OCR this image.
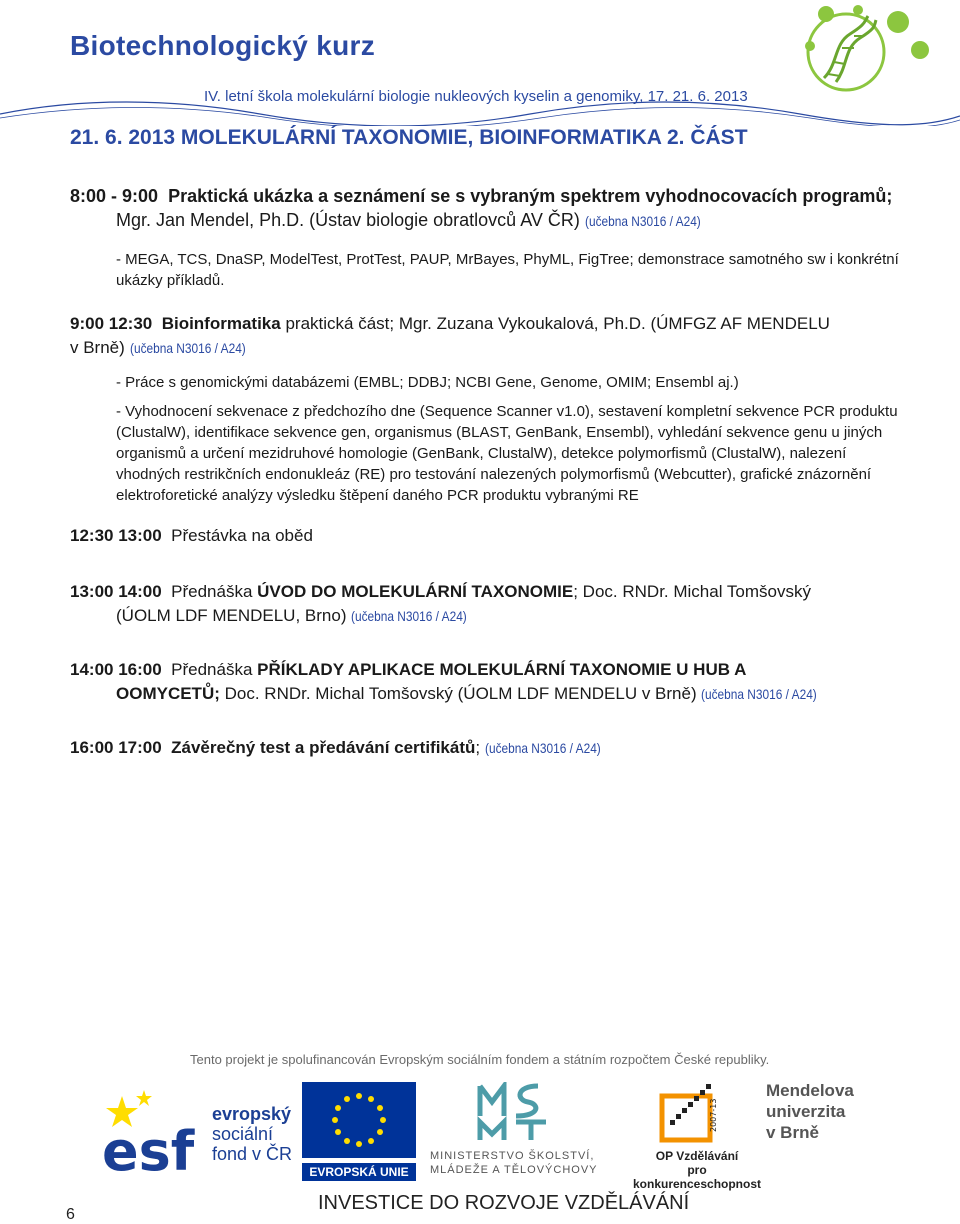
Biotechnologický kurz
IV. letní škola molekulární biologie nukleových kyselin a genomiky, 17. 21. 6. 2013
21. 6. 2013 MOLEKULÁRNÍ TAXONOMIE, BIOINFORMATIKA 2. ČÁST
8:00 - 9:00 Praktická ukázka a seznámení se s vybraným spektrem vyhodnocovacích programů;
Mgr. Jan Mendel, Ph.D. (Ústav biologie obratlovců AV ČR) (učebna N3016 / A24)
- MEGA, TCS, DnaSP, ModelTest, ProtTest, PAUP, MrBayes, PhyML, FigTree; demonstrace samotného sw i konkrétní
ukázky příkladů.
9:00 12:30 Bioinformatika praktická část; Mgr. Zuzana Vykoukalová, Ph.D. (ÚMFGZ AF MENDELU
v Brně) (učebna N3016 / A24)
- Práce s genomickými databázemi (EMBL; DDBJ; NCBI Gene, Genome, OMIM; Ensembl aj.)
- Vyhodnocení sekvenace z předchozího dne (Sequence Scanner v1.0), sestavení kompletní sekvence PCR produktu
(ClustalW), identifikace sekvence gen, organismus (BLAST, GenBank, Ensembl), vyhledání sekvence genu u jiných
organismů a určení mezidruhové homologie (GenBank, ClustalW), detekce polymorfismů (ClustalW), nalezení
vhodných restrikčních endonukleáz (RE) pro testování nalezených polymorfismů (Webcutter), grafické znázornění
elektroforetické analýzy výsledku štěpení daného PCR produktu vybranými RE
12:30 13:00 Přestávka na oběd
13:00 14:00 Přednáška ÚVOD DO MOLEKULÁRNÍ TAXONOMIE; Doc. RNDr. Michal Tomšovský
(ÚOLM LDF MENDELU, Brno) (učebna N3016 / A24)
14:00 16:00 Přednáška PŘÍKLADY APLIKACE MOLEKULÁRNÍ TAXONOMIE U HUB A
OOMYCETŮ; Doc. RNDr. Michal Tomšovský (ÚOLM LDF MENDELU v Brně) (učebna N3016 / A24)
16:00 17:00 Závěrečný test a předávání certifikátů; (učebna N3016 / A24)
Tento projekt je spolufinancován Evropským sociálním fondem a státním rozpočtem České republiky.
esf
evropský
sociální
fond v ČR
EVROPSKÁ UNIE
MINISTERSTVO ŠKOLSTVÍ,
MLÁDEŽE A TĚLOVÝCHOVY
2007-13
OP Vzdělávání
pro konkurenceschopnost
Mendelova
univerzita
v Brně
INVESTICE DO ROZVOJE VZDĚLÁVÁNÍ
6
